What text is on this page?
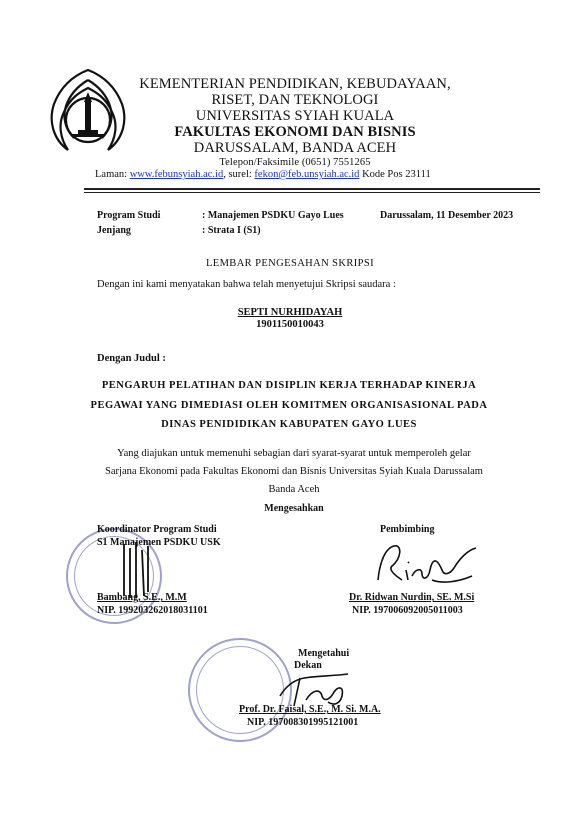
KEMENTERIAN PENDIDIKAN, KEBUDAYAAN,
RISET, DAN TEKNOLOGI
UNIVERSITAS SYIAH KUALA
FAKULTAS EKONOMI DAN BISNIS
DARUSSALAM, BANDA ACEH
Telepon/Faksimile (0651) 7551265
Laman: www.febunsyiah.ac.id, surel: fekon@feb.unsyiah.ac.id Kode Pos 23111
Program Studi	: Manajemen PSDKU Gayo Lues	Darussalam, 11 Desember 2023
Jenjang	: Strata I (S1)
LEMBAR PENGESAHAN SKRIPSI
Dengan ini kami menyatakan bahwa telah menyetujui Skripsi saudara :
SEPTI NURHIDAYAH
1901150010043
Dengan Judul :
PENGARUH PELATIHAN DAN DISIPLIN KERJA TERHADAP KINERJA
PEGAWAI YANG DIMEDIASI OLEH KOMITMEN ORGANISASIONAL PADA
DINAS PENIDIDIKAN KABUPATEN GAYO LUES
Yang diajukan untuk memenuhi sebagian dari syarat-syarat untuk memperoleh gelar
Sarjana Ekonomi pada Fakultas Ekonomi dan Bisnis Universitas Syiah Kuala Darussalam
Banda Aceh
Mengesahkan
Koordinator Program Studi
S1 Manajemen PSDKU USK
Bambang, S.E., M.M
NIP. 199203262018031101
Pembimbing
Dr. Ridwan Nurdin, SE. M.Si
NIP. 197006092005011003
Mengetahui
Dekan
Prof. Dr. Faisal, S.E., M. Si. M.A.
NIP. 197008301995121001
